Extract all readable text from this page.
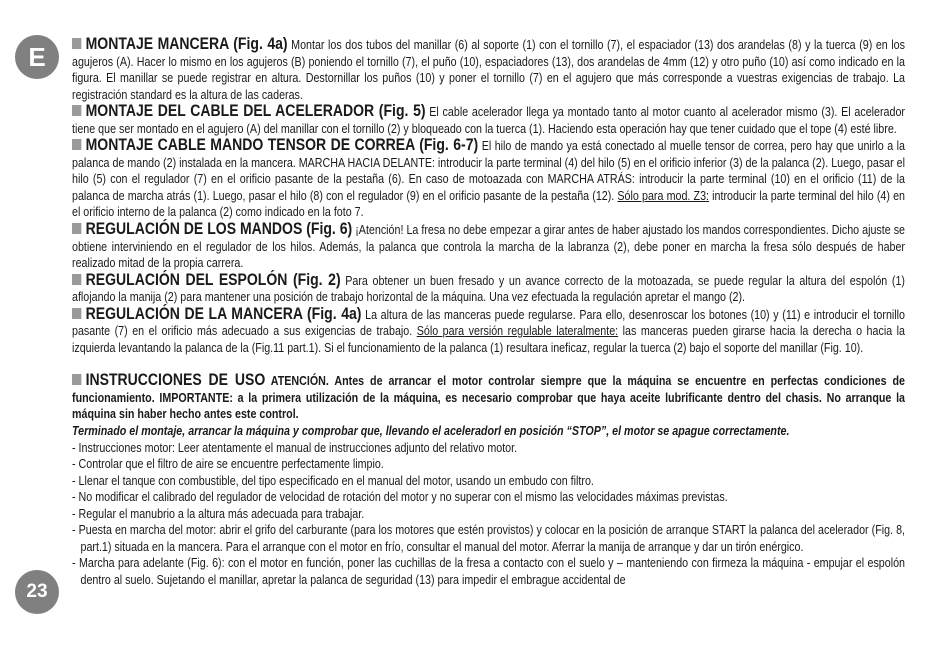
E
23

MONTAJE MANCERA (Fig. 4a) Montar los dos tubos del manillar (6) al soporte (1) con el tornillo (7), el espaciador (13) dos arandelas (8) y la tuerca (9) en los agujeros (A). Hacer lo mismo en los agujeros (B) poniendo el tornillo (7), el puño (10), espaciadores (13), dos arandelas de 4mm (12) y otro puño (10) así como indicado en la figura. El manillar se puede registrar en altura. Destornillar los puños (10) y poner el tornillo (7) en el agujero que más corresponde a vuestras exigencias de trabajo. La registración standard es la altura de las caderas.

MONTAJE DEL CABLE DEL ACELERADOR (Fig. 5) El cable acelerador llega ya montado tanto al motor cuanto al acelerador mismo (3). El acelerador tiene que ser montado en el agujero (A) del manillar con el tornillo (2) y bloqueado con la tuerca (1). Haciendo esta operación hay que tener cuidado que el tope (4) esté libre.

MONTAJE CABLE MANDO TENSOR DE CORREA (Fig. 6-7) El hilo de mando ya está conectado al muelle tensor de correa, pero hay que unirlo a la palanca de mando (2) instalada en la mancera. MARCHA HACIA DELANTE: introducir la parte terminal (4) del hilo (5) en el orificio inferior (3) de la palanca (2). Luego, pasar el hilo (5) con el regulador (7) en el orificio pasante de la pestaña (6). En caso de motoazada con MARCHA ATRÁS: introducir la parte terminal (10) en el orificio (11) de la palanca de marcha atrás (1). Luego, pasar el hilo (8) con el regulador (9) en el orificio pasante de la pestaña (12). Sólo para mod. Z3: introducir la parte terminal del hilo (4) en el orificio interno de la palanca (2) como indicado en la foto 7.

REGULACIÓN DE LOS MANDOS (Fig. 6) ¡Atención! La fresa no debe empezar a girar antes de haber ajustado los mandos correspondientes. Dicho ajuste se obtiene interviniendo en el regulador de los hilos. Además, la palanca que controla la marcha de la labranza (2), debe poner en marcha la fresa sólo después de haber realizado mitad de la propia carrera.

REGULACIÓN DEL ESPOLÓN (Fig. 2) Para obtener un buen fresado y un avance correcto de la motoazada, se puede regular la altura del espolón (1) aflojando la manija (2) para mantener una posición de trabajo horizontal de la máquina. Una vez efectuada la regulación apretar el mango (2).

REGULACIÓN DE LA MANCERA (Fig. 4a) La altura de las manceras puede regularse. Para ello, desenroscar los botones (10) y (11) e introducir el tornillo pasante (7) en el orificio más adecuado a sus exigencias de trabajo. Sólo para versión regulable lateralmente: las manceras pueden girarse hacia la derecha o hacia la izquierda levantando la palanca de la (Fig.11 part.1). Si el funcionamiento de la palanca (1) resultara ineficaz, regular la tuerca (2) bajo el soporte del manillar (Fig. 10).

INSTRUCCIONES DE USO ATENCIÓN. Antes de arrancar el motor controlar siempre que la máquina se encuentre en perfectas condiciones de funcionamiento. IMPORTANTE: a la primera utilización de la máquina, es necesario comprobar que haya aceite lubrificante dentro del chasis. No arranque la máquina sin haber hecho antes este control.

Terminado el montaje, arrancar la máquina y comprobar que, llevando el aceleradorl en posición “STOP”, el motor se apague correctamente.

- Instrucciones motor: Leer atentamente el manual de instrucciones adjunto del relativo motor.

- Controlar que el filtro de aire se encuentre perfectamente limpio.

- Llenar el tanque con combustible, del tipo especificado en el manual del motor, usando un embudo con filtro.

- No modificar el calibrado del regulador de velocidad de rotación del motor y no superar con el mismo las velocidades máximas previstas.

- Regular el manubrio a la altura más adecuada para trabajar.

- Puesta en marcha del motor: abrir el grifo del carburante (para los motores que estén provistos) y colocar en la posición de arranque START la palanca del acelerador (Fig. 8, part.1) situada en la mancera. Para el arranque con el motor en frío, consultar el manual del motor. Aferrar la manija de arranque y dar un tirón enérgico.

- Marcha para adelante (Fig. 6): con el motor en función, poner las cuchillas de la fresa a contacto con el suelo y – manteniendo con firmeza la máquina - empujar el espolón dentro al suelo. Sujetando el manillar, apretar la palanca de seguridad (13) para impedir el embrague accidental de
